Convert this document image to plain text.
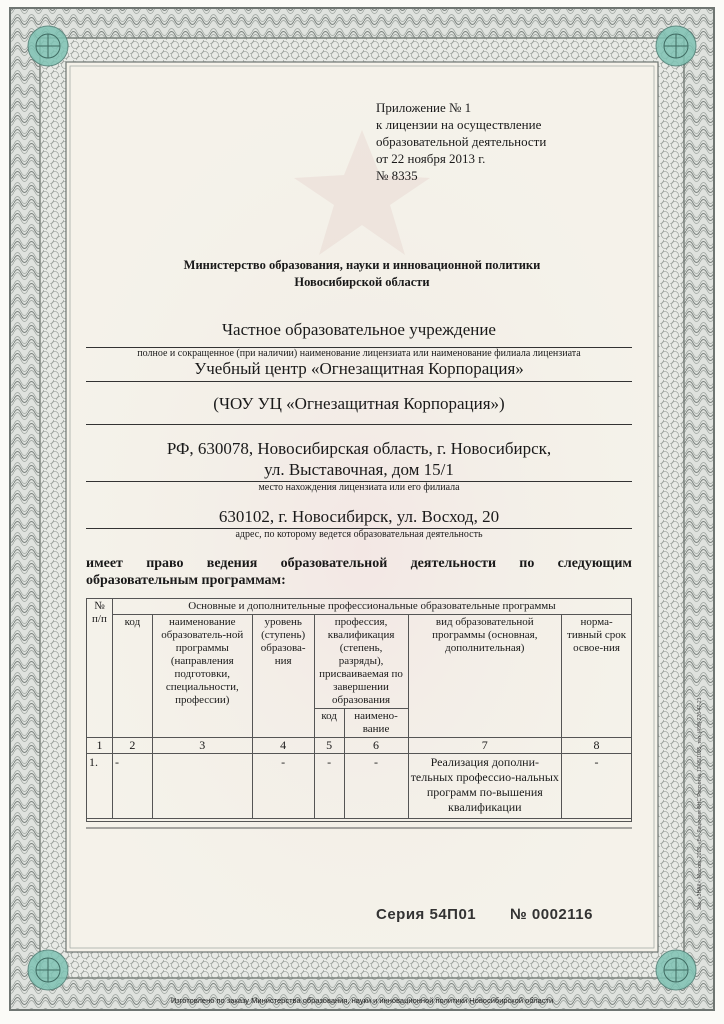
Приложение № 1
к лицензии на осуществление
образовательной деятельности
от 22 ноября 2013 г.
№ 8335
Министерство образования, науки и инновационной политики
Новосибирской области
Частное образовательное учреждение
полное и сокращенное (при наличии) наименование лицензиата или наименование филиала лицензиата
Учебный центр «Огнезащитная Корпорация»
(ЧОУ УЦ «Огнезащитная Корпорация»)
РФ, 630078, Новосибирская область, г. Новосибирск,
ул. Выставочная, дом 15/1
место нахождения лицензиата или его филиала
630102, г. Новосибирск, ул. Восход, 20
адрес, по которому ведется образовательная деятельность
имеет право ведения образовательной деятельности по следующим
образовательным программам:
№ п/п	Основные и дополнительные профессиональные образовательные программы						
	код	наименование образователь-ной программы (направления подготовки, специальности, профессии)	уровень (ступень) образова-ния	профессия, квалификация (степень, разряды), присваиваемая по завершении образования		вид образовательной программы (основная, дополнительная)	норма-тивный срок освое-ния
				код	наимено-вание		
1	2	3	4	5	6	7	8
1.	-		-	-	-	Реализация дополни-тельных профессио-нальных программ по-вышения квалификации	-

Серия 54П01 № 0002116
Зак. «ЗНАК», Москва, 2013, «Б», Лицензия ФНС России № 12-05/1025, тел. (495) 726-47-21
Изготовлено по заказу Министерства образования, науки и инновационной политики Новосибирской области
